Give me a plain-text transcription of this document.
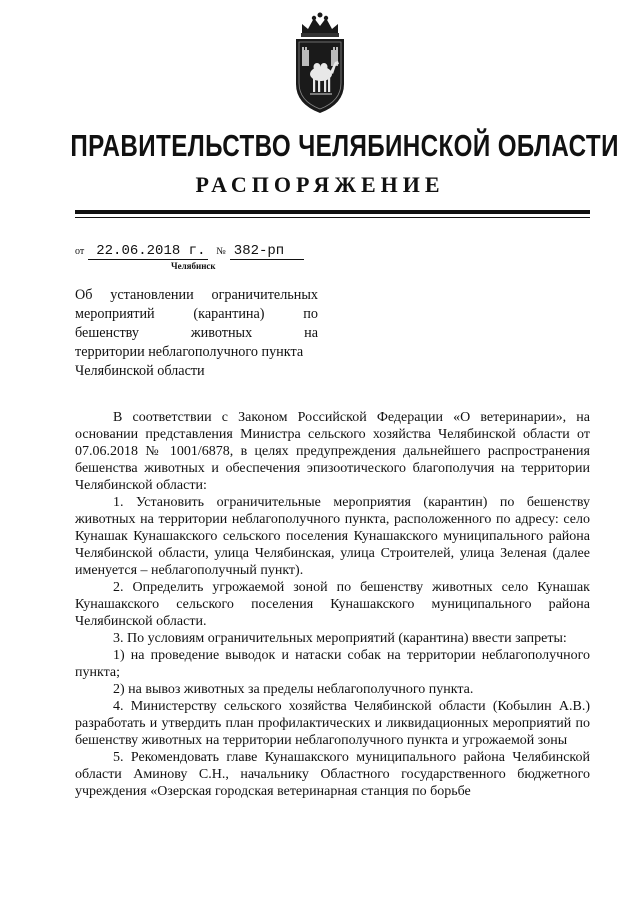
ПРАВИТЕЛЬСТВО ЧЕЛЯБИНСКОЙ ОБЛАСТИ
РАСПОРЯЖЕНИЕ
от 22.06.2018 г. № 382-рп
Челябинск
Об установлении ограничительных
мероприятий (карантина) по
бешенству животных на
территории неблагополучного пункта
Челябинской области

В соответствии с Законом Российской Федерации «О ветеринарии», на основании представления Министра сельского хозяйства Челябинской области от 07.06.2018 № 1001/6878, в целях предупреждения дальнейшего распространения бешенства животных и обеспечения эпизоотического благополучия на территории Челябинской области:

1. Установить ограничительные мероприятия (карантин) по бешенству животных на территории неблагополучного пункта, расположенного по адресу: село Кунашак Кунашакского сельского поселения Кунашакского муниципального района Челябинской области, улица Челябинская, улица Строителей, улица Зеленая (далее именуется – неблагополучный пункт).

2. Определить угрожаемой зоной по бешенству животных село Кунашак Кунашакского сельского поселения Кунашакского муниципального района Челябинской области.

3. По условиям ограничительных мероприятий (карантина) ввести запреты:

1) на проведение выводок и натаски собак на территории неблагополучного пункта;

2) на вывоз животных за пределы неблагополучного пункта.

4. Министерству сельского хозяйства Челябинской области (Кобылин А.В.) разработать и утвердить план профилактических и ликвидационных мероприятий по бешенству животных на территории неблагополучного пункта и угрожаемой зоны

5. Рекомендовать главе Кунашакского муниципального района Челябинской области Аминову С.Н., начальнику Областного государственного бюджетного учреждения «Озерская городская ветеринарная станция по борьбе
